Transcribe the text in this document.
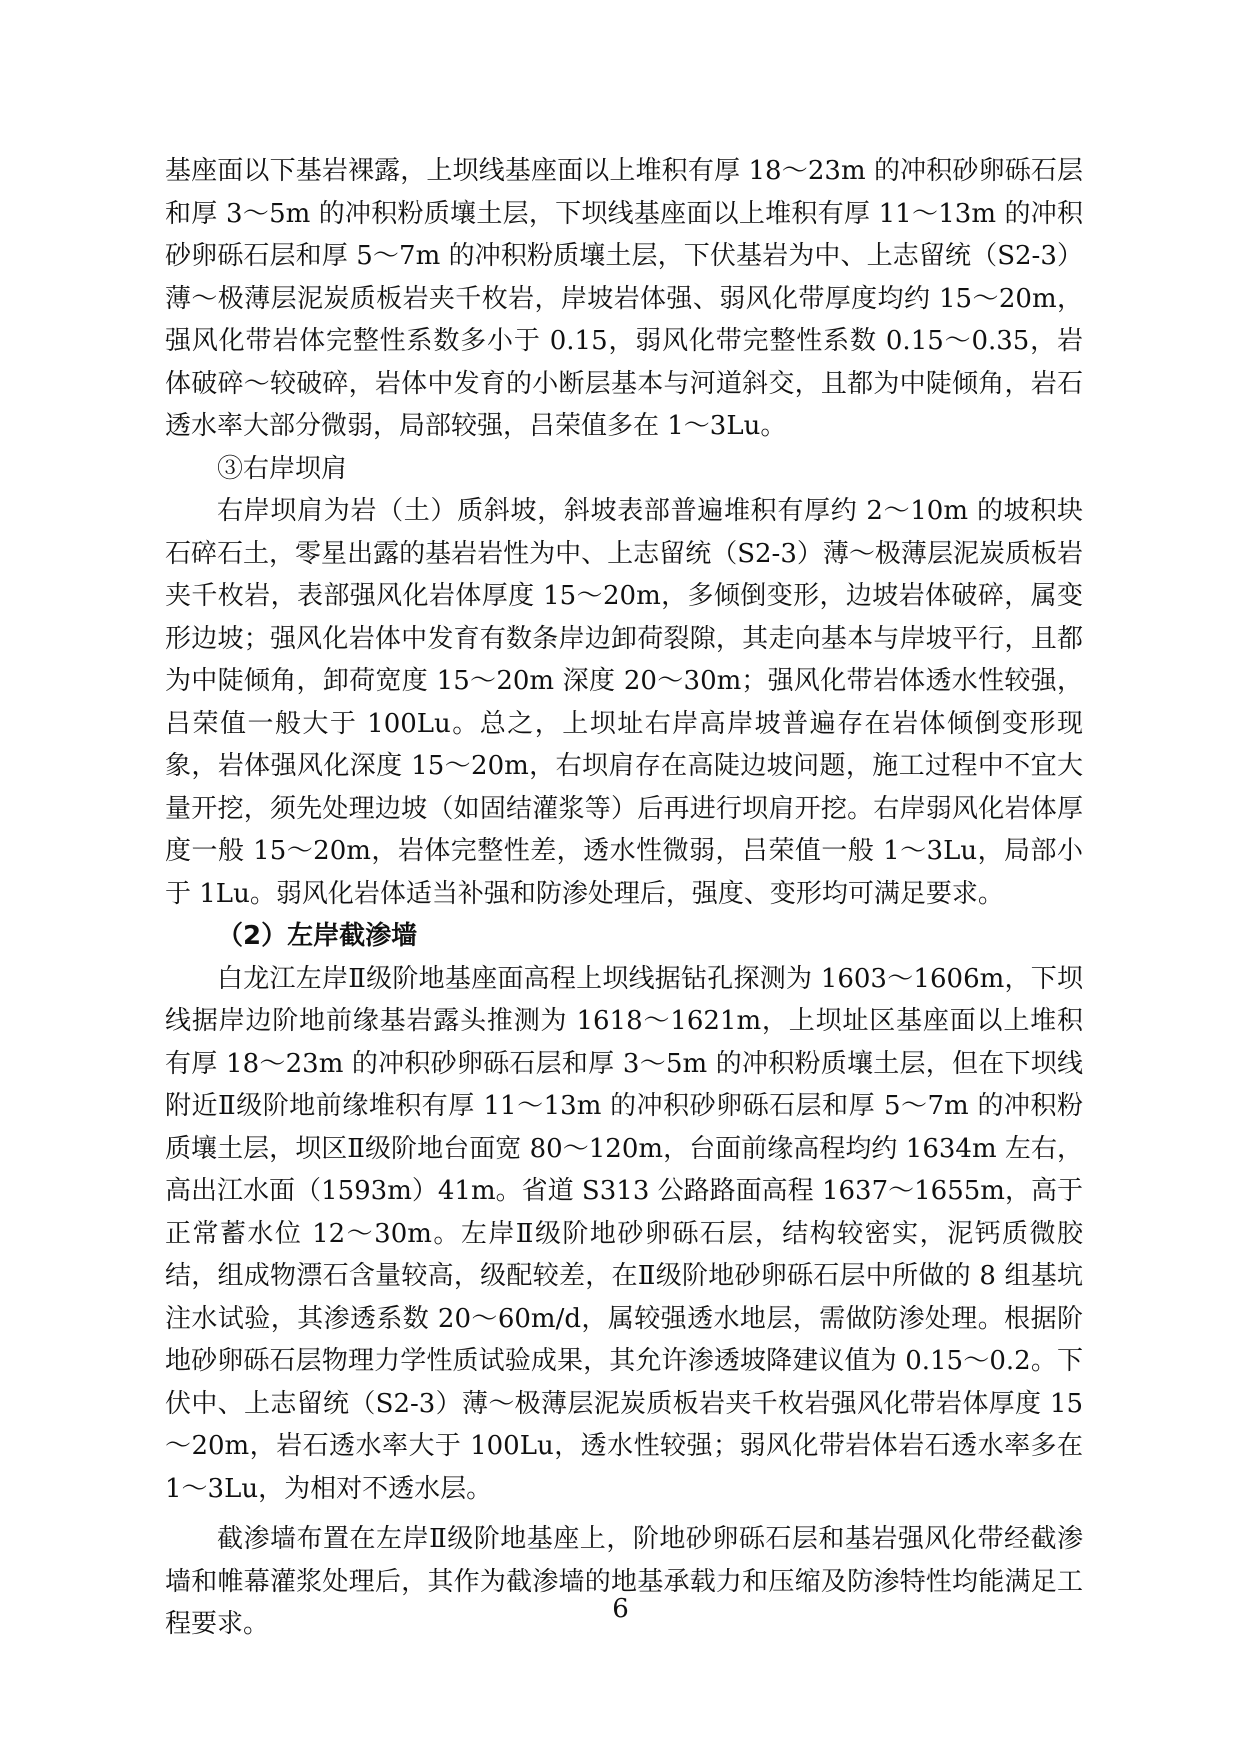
基座面以下基岩裸露，上坝线基座面以上堆积有厚 18～23m 的冲积砂卵砾石层和厚 3～5m 的冲积粉质壤土层，下坝线基座面以上堆积有厚 11～13m 的冲积砂卵砾石层和厚 5～7m 的冲积粉质壤土层，下伏基岩为中、上志留统（S2-3）薄～极薄层泥炭质板岩夹千枚岩，岸坡岩体强、弱风化带厚度均约 15～20m，强风化带岩体完整性系数多小于 0.15，弱风化带完整性系数 0.15～0.35，岩体破碎～较破碎，岩体中发育的小断层基本与河道斜交，且都为中陡倾角，岩石透水率大部分微弱，局部较强，吕荣值多在 1～3Lu。

③右岸坝肩

右岸坝肩为岩（土）质斜坡，斜坡表部普遍堆积有厚约 2～10m 的坡积块石碎石土，零星出露的基岩岩性为中、上志留统（S2-3）薄～极薄层泥炭质板岩夹千枚岩，表部强风化岩体厚度 15～20m，多倾倒变形，边坡岩体破碎，属变形边坡；强风化岩体中发育有数条岸边卸荷裂隙，其走向基本与岸坡平行，且都为中陡倾角，卸荷宽度 15～20m 深度 20～30m；强风化带岩体透水性较强，吕荣值一般大于 100Lu。总之，上坝址右岸高岸坡普遍存在岩体倾倒变形现象，岩体强风化深度 15～20m，右坝肩存在高陡边坡问题，施工过程中不宜大量开挖，须先处理边坡（如固结灌浆等）后再进行坝肩开挖。右岸弱风化岩体厚度一般 15～20m，岩体完整性差，透水性微弱，吕荣值一般 1～3Lu，局部小于 1Lu。弱风化岩体适当补强和防渗处理后，强度、变形均可满足要求。

（2）左岸截渗墙

白龙江左岸Ⅱ级阶地基座面高程上坝线据钻孔探测为 1603～1606m，下坝线据岸边阶地前缘基岩露头推测为 1618～1621m，上坝址区基座面以上堆积有厚 18～23m 的冲积砂卵砾石层和厚 3～5m 的冲积粉质壤土层，但在下坝线附近Ⅱ级阶地前缘堆积有厚 11～13m 的冲积砂卵砾石层和厚 5～7m 的冲积粉质壤土层，坝区Ⅱ级阶地台面宽 80～120m，台面前缘高程均约 1634m 左右，高出江水面（1593m）41m。省道 S313 公路路面高程 1637～1655m，高于正常蓄水位 12～30m。左岸Ⅱ级阶地砂卵砾石层，结构较密实，泥钙质微胶结，组成物漂石含量较高，级配较差，在Ⅱ级阶地砂卵砾石层中所做的 8 组基坑注水试验，其渗透系数 20～60m/d，属较强透水地层，需做防渗处理。根据阶地砂卵砾石层物理力学性质试验成果，其允许渗透坡降建议值为 0.15～0.2。下伏中、上志留统（S2-3）薄～极薄层泥炭质板岩夹千枚岩强风化带岩体厚度 15～20m，岩石透水率大于 100Lu，透水性较强；弱风化带岩体岩石透水率多在 1～3Lu，为相对不透水层。

截渗墙布置在左岸Ⅱ级阶地基座上，阶地砂卵砾石层和基岩强风化带经截渗墙和帷幕灌浆处理后，其作为截渗墙的地基承载力和压缩及防渗特性均能满足工程要求。	6
